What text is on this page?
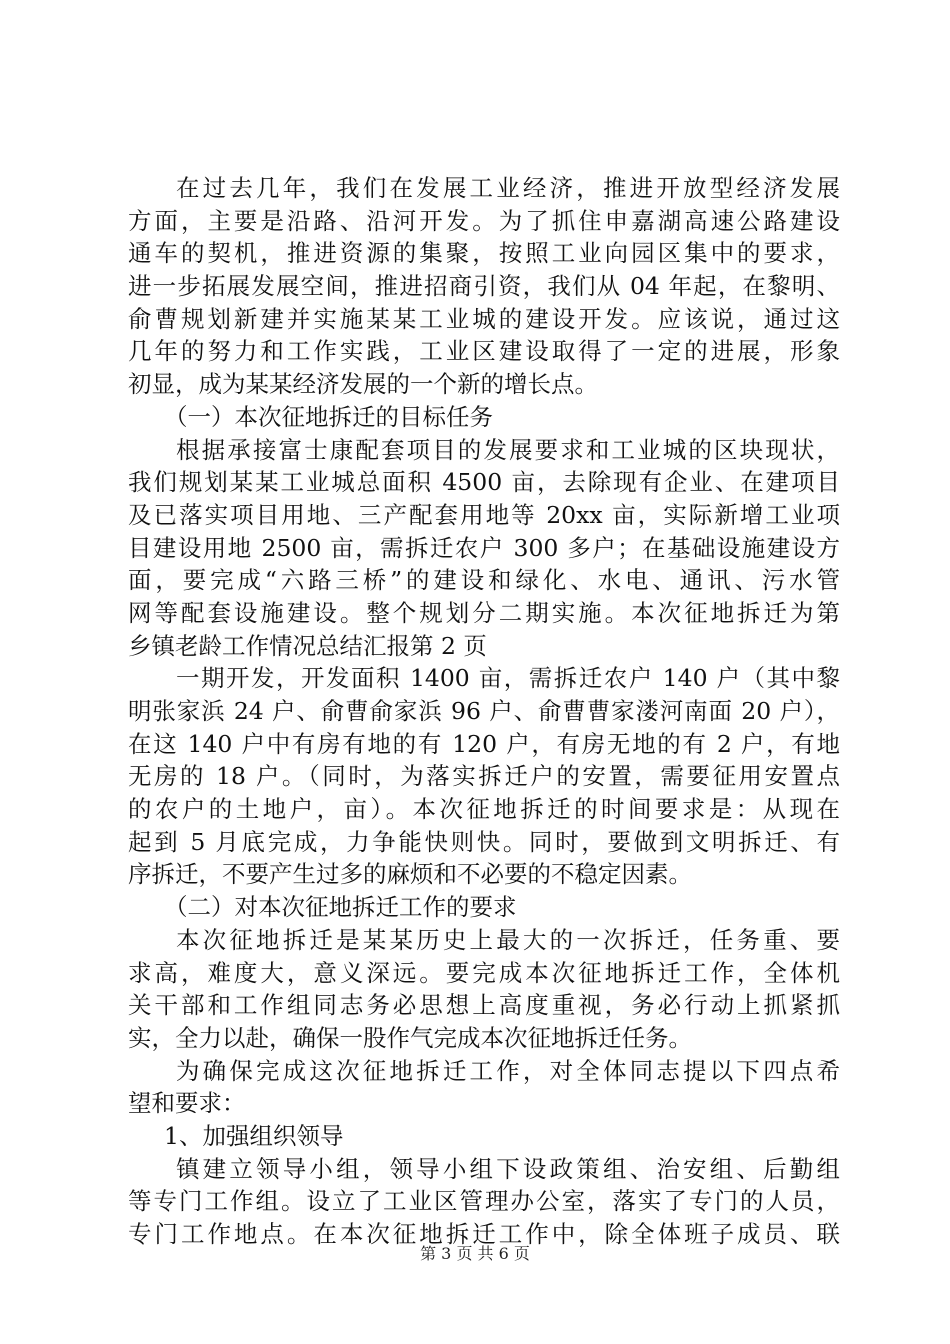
在过去几年，我们在发展工业经济，推进开放型经济发展
方面，主要是沿路、沿河开发。为了抓住申嘉湖高速公路建设
通车的契机，推进资源的集聚，按照工业向园区集中的要求，
进一步拓展发展空间，推进招商引资，我们从 04 年起，在黎明、
俞曹规划新建并实施某某工业城的建设开发。应该说，通过这
几年的努力和工作实践，工业区建设取得了一定的进展，形象
初显，成为某某经济发展的一个新的增长点。
（一）本次征地拆迁的目标任务
根据承接富士康配套项目的发展要求和工业城的区块现状，
我们规划某某工业城总面积 4500 亩，去除现有企业、在建项目
及已落实项目用地、三产配套用地等 20xx 亩，实际新增工业项
目建设用地 2500 亩，需拆迁农户 300 多户；在基础设施建设方
面，要完成“六路三桥”的建设和绿化、水电、通讯、污水管
网等配套设施建设。整个规划分二期实施。本次征地拆迁为第
乡镇老龄工作情况总结汇报第 2 页
一期开发，开发面积 1400 亩，需拆迁农户 140 户（其中黎
明张家浜 24 户、俞曹俞家浜 96 户、俞曹曹家溇河南面 20 户），
在这 140 户中有房有地的有 120 户，有房无地的有 2 户，有地
无房的 18 户。（同时，为落实拆迁户的安置，需要征用安置点
的农户的土地户，亩）。本次征地拆迁的时间要求是：从现在
起到 5 月底完成，力争能快则快。同时，要做到文明拆迁、有
序拆迁，不要产生过多的麻烦和不必要的不稳定因素。
（二）对本次征地拆迁工作的要求
本次征地拆迁是某某历史上最大的一次拆迁，任务重、要
求高，难度大，意义深远。要完成本次征地拆迁工作，全体机
关干部和工作组同志务必思想上高度重视，务必行动上抓紧抓
实，全力以赴，确保一股作气完成本次征地拆迁任务。
为确保完成这次征地拆迁工作，对全体同志提以下四点希
望和要求：
1、加强组织领导
镇建立领导小组，领导小组下设政策组、治安组、后勤组
等专门工作组。设立了工业区管理办公室，落实了专门的人员，
专门工作地点。在本次征地拆迁工作中，除全体班子成员、联
第 3 页 共 6 页
